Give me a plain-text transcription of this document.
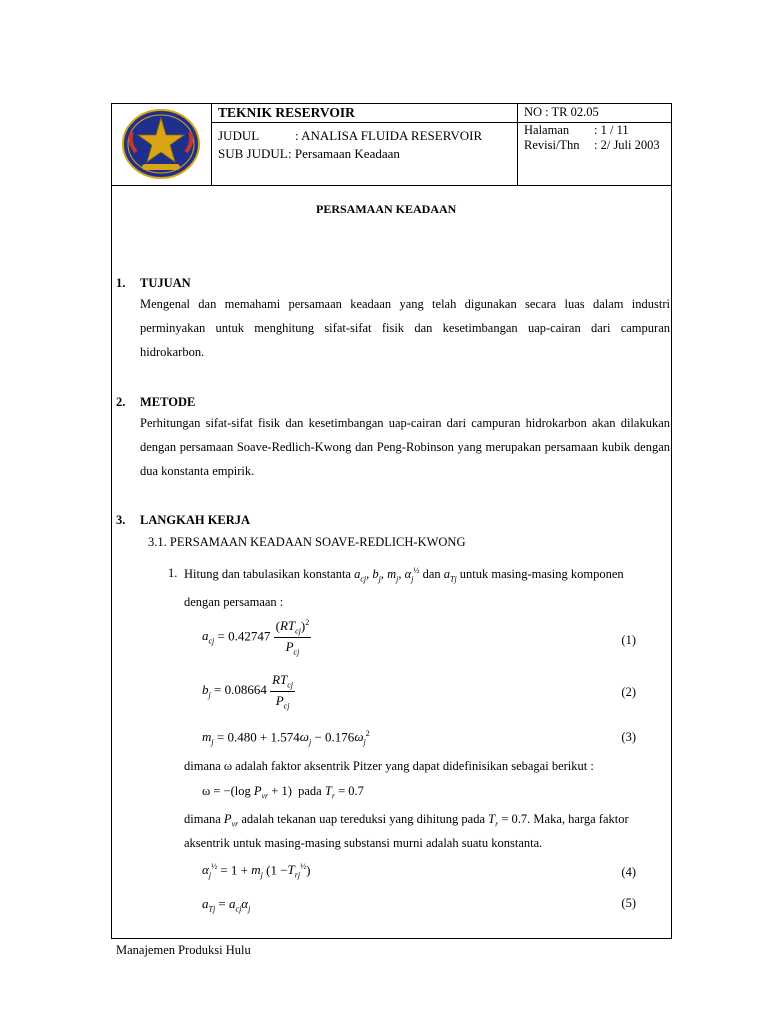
TEKNIK RESERVOIR
JUDUL	: ANALISA FLUIDA RESERVOIR
SUB JUDUL : Persamaan Keadaan
NO : TR 02.05
Halaman : 1 / 11
Revisi/Thn : 2/ Juli 2003
PERSAMAAN KEADAAN
1. TUJUAN
Mengenal dan memahami persamaan keadaan yang telah digunakan secara luas dalam industri perminyakan untuk menghitung sifat-sifat fisik dan kesetimbangan uap-cairan dari campuran hidrokarbon.
2. METODE
Perhitungan sifat-sifat fisik dan kesetimbangan uap-cairan dari campuran hidrokarbon akan dilakukan dengan persamaan Soave-Redlich-Kwong dan Peng-Robinson yang merupakan persamaan kubik dengan dua konstanta empirik.
3. LANGKAH KERJA
3.1. PERSAMAAN KEADAAN SOAVE-REDLICH-KWONG
1. Hitung dan tabulasikan konstanta $a_{cj}$, $b_j$, $m_j$, $\alpha_j^{\frac{1}{2}}$ dan $a_{Tj}$ untuk masing-masing komponen
dengan persamaan :
$a_{cj} = 0.42747 \frac{(RT_{cj})^2}{P_{cj}}$	(1)
$b_j = 0.08664 \frac{RT_{cj}}{P_{cj}}$	(2)
$m_j = 0.480 + 1.574\omega_j - 0.176\omega_j^2$	(3)
dimana ω adalah faktor aksentrik Pitzer yang dapat didefinisikan sebagai berikut :
ω = −(log $P_{vr} + 1$) pada $T_r = 0.7$
dimana $P_{vr}$ adalah tekanan uap tereduksi yang dihitung pada $T_r = 0.7$. Maka, harga faktor
aksentrik untuk masing-masing substansi murni adalah suatu konstanta.
$\alpha_j^{\frac{1}{2}} = 1 + m_j$ $(1 -T_{rj}^{\frac{1}{2}})$	(4)
$a_{Tj} = a_{cj}\alpha_j$	(5)
Manajemen Produksi Hulu
